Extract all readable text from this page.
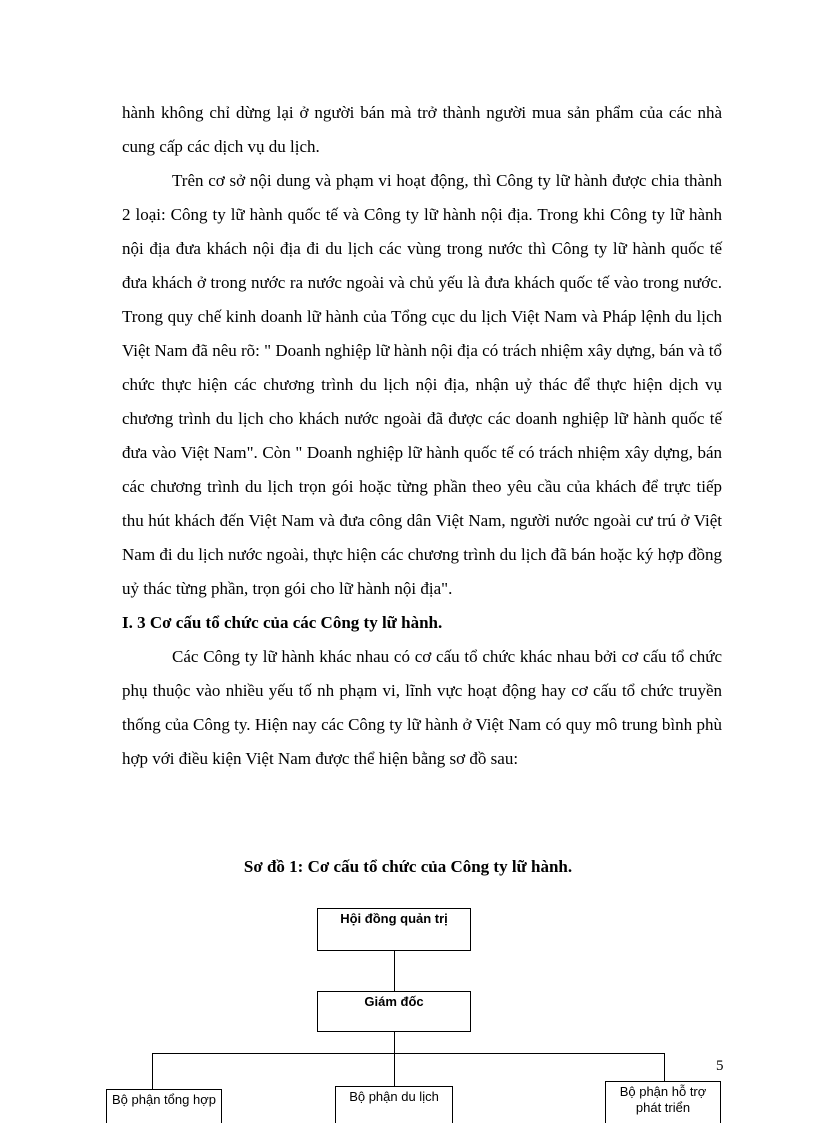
hành không chỉ dừng lại ở người bán mà trở thành người mua sản phẩm của các nhà cung cấp các dịch vụ du lịch.

Trên cơ sở nội dung và phạm vi hoạt động, thì Công ty lữ hành được chia thành 2 loại: Công ty lữ hành quốc tế và Công ty lữ hành nội địa. Trong khi Công ty lữ hành nội địa đưa khách nội địa đi du lịch các vùng trong nước thì Công ty lữ hành quốc tế đưa khách ở trong nước ra nước ngoài và chủ yếu là đưa khách quốc tế vào trong nước. Trong quy chế kinh doanh lữ hành của Tổng cục du lịch Việt Nam và Pháp lệnh du lịch Việt Nam đã nêu rõ: " Doanh nghiệp lữ hành nội địa có trách nhiệm xây dựng, bán và tổ chức thực hiện các chương trình du lịch nội địa, nhận uỷ thác để thực hiện dịch vụ chương trình du lịch cho khách nước ngoài đã được các doanh nghiệp lữ hành quốc tế đưa vào Việt Nam". Còn " Doanh nghiệp lữ hành quốc tế có trách nhiệm xây dựng, bán các chương trình du lịch trọn gói hoặc từng phần theo yêu cầu của khách để trực tiếp thu hút khách đến Việt Nam và đưa công dân Việt Nam, người nước ngoài cư trú ở Việt Nam đi du lịch nước ngoài, thực hiện các chương trình du lịch đã bán hoặc ký hợp đồng uỷ thác từng phần, trọn gói cho lữ hành nội địa".

I. 3 Cơ cấu tổ chức của các Công ty lữ hành.

Các Công ty lữ hành khác nhau có cơ cấu tổ chức khác nhau bởi cơ cấu tổ chức phụ thuộc vào nhiều yếu tố nh phạm vi, lĩnh vực hoạt động hay cơ cấu tổ chức truyền thống của Công ty. Hiện nay các Công ty lữ hành ở Việt Nam có quy mô trung bình phù hợp với điều kiện Việt Nam được thể hiện bằng sơ đồ sau:

Sơ đồ 1: Cơ cấu tổ chức của Công ty lữ hành.
Hội đồng quản trị
Giám đốc
Bộ phận tổng hợp	Bộ phận du lịch	Bộ phận hỗ trợ phát triển
5
